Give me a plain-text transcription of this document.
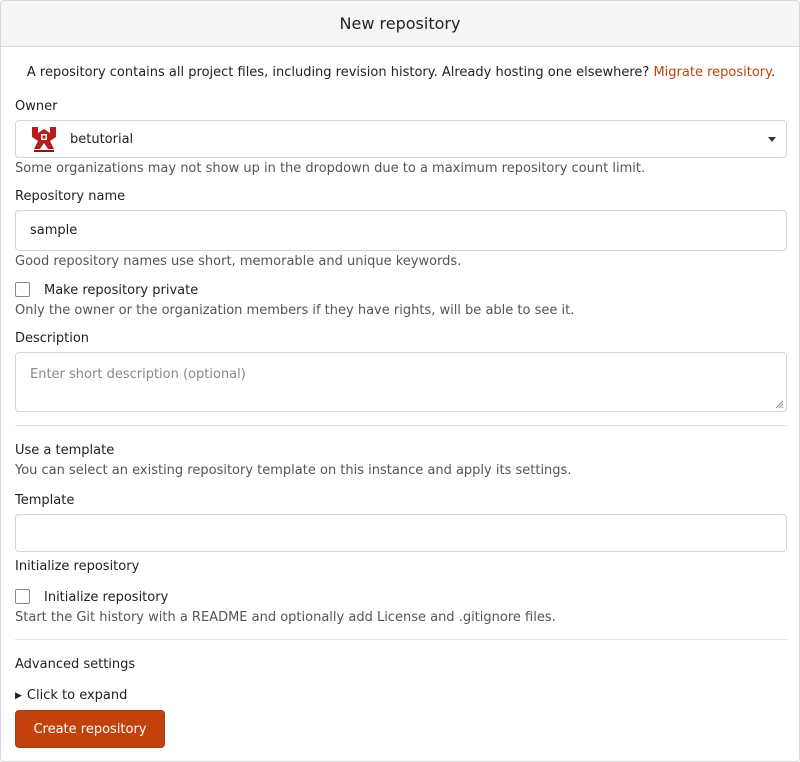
New repository
A repository contains all project files, including revision history. Already hosting one elsewhere? Migrate repository.
Owner
betutorial
Some organizations may not show up in the dropdown due to a maximum repository count limit.
Repository name
sample
Good repository names use short, memorable and unique keywords.
Make repository private
Only the owner or the organization members if they have rights, will be able to see it.
Description
Enter short description (optional)
Use a template
You can select an existing repository template on this instance and apply its settings.
Template
Initialize repository
Initialize repository
Start the Git history with a README and optionally add License and .gitignore files.
Advanced settings
▶ Click to expand
Create repository
